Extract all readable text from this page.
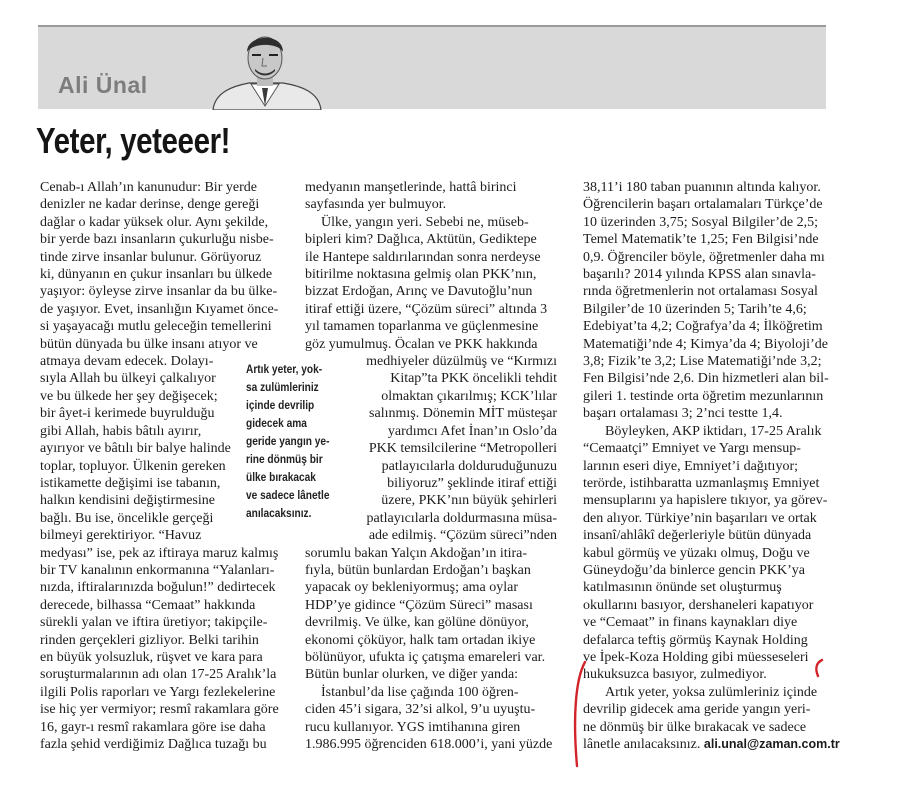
Ali Ünal
Yeter, yeteeer!

Cenab-ı Allah’ın kanunudur: Bir yerde

denizler ne kadar derinse, denge gereği

dağlar o kadar yüksek olur. Aynı şekilde,

bir yerde bazı insanların çukurluğu nisbe-

tinde zirve insanlar bulunur. Görüyoruz

ki, dünyanın en çukur insanları bu ülkede

yaşıyor: öyleyse zirve insanlar da bu ülke-

de yaşıyor. Evet, insanlığın Kıyamet önce-

si yaşayacağı mutlu geleceğin temellerini

bütün dünyada bu ülke insanı atıyor ve

atmaya devam edecek. Dolayı-

sıyla Allah bu ülkeyi çalkalıyor

ve bu ülkede her şey değişecek;

bir âyet-i kerimede buyrulduğu

gibi Allah, habis bâtılı ayırır,

ayırıyor ve bâtılı bir balye halinde

toplar, topluyor. Ülkenin gereken

istikamette değişimi ise tabanın,

halkın kendisini değiştirmesine

bağlı. Bu ise, öncelikle gerçeği

bilmeyi gerektiriyor. “Havuz

medyası” ise, pek az iftiraya maruz kalmış

bir TV kanalının enkormanına “Yalanları-

nızda, iftiralarınızda boğulun!” dedirtecek

derecede, bilhassa “Cemaat” hakkında

sürekli yalan ve iftira üretiyor; takipçile-

rinden gerçekleri gizliyor. Belki tarihin

en büyük yolsuzluk, rüşvet ve kara para

soruşturmalarının adı olan 17-25 Aralık’la

ilgili Polis raporları ve Yargı fezlekelerine

ise hiç yer vermiyor; resmî rakamlara göre

16, gayr-ı resmî rakamlara göre ise daha

fazla şehid verdiğimiz Dağlıca tuzağı bu

medyanın manşetlerinde, hattâ birinci

sayfasında yer bulmuyor.

Ülke, yangın yeri. Sebebi ne, müseb-

bipleri kim? Dağlıca, Aktütün, Gediktepe

ile Hantepe saldırılarından sonra nerdeyse

bitirilme noktasına gelmiş olan PKK’nın,

bizzat Erdoğan, Arınç ve Davutoğlu’nun

itiraf ettiği üzere, “Çözüm süreci” altında 3

yıl tamamen toparlanma ve güçlenmesine

göz yumulmuş. Öcalan ve PKK hakkında

medhiyeler düzülmüş ve “Kırmızı

Kitap”ta PKK öncelikli tehdit

olmaktan çıkarılmış; KCK’lılar

salınmış. Dönemin MİT müsteşar

yardımcı Afet İnan’ın Oslo’da

PKK temsilcilerine “Metropolleri

patlayıcılarla dolduruduğunuzu

biliyoruz” şeklinde itiraf ettiği

üzere, PKK’nın büyük şehirleri

patlayıcılarla doldurmasına müsa-

ade edilmiş. “Çözüm süreci”nden

sorumlu bakan Yalçın Akdoğan’ın itira-

fıyla, bütün bunlardan Erdoğan’ı başkan

yapacak oy bekleniyormuş; ama oylar

HDP’ye gidince “Çözüm Süreci” masası

devrilmiş. Ve ülke, kan gölüne dönüyor,

ekonomi çöküyor, halk tam ortadan ikiye

bölünüyor, ufukta iç çatışma emareleri var.

Bütün bunlar olurken, ve diğer yanda:

İstanbul’da lise çağında 100 öğren-

ciden 45’i sigara, 32’si alkol, 9’u uyuştu-

rucu kullanıyor. YGS imtihanına giren

1.986.995 öğrenciden 618.000’i, yani yüzde

38,11’i 180 taban puanının altında kalıyor.

Öğrencilerin başarı ortalamaları Türkçe’de

10 üzerinden 3,75; Sosyal Bilgiler’de 2,5;

Temel Matematik’te 1,25; Fen Bilgisi’nde

0,9. Öğrenciler böyle, öğretmenler daha mı

başarılı? 2014 yılında KPSS alan sınavla-

rında öğretmenlerin not ortalaması Sosyal

Bilgiler’de 10 üzerinden 5; Tarih’te 4,6;

Edebiyat’ta 4,2; Coğrafya’da 4; İlköğretim

Matematiği’nde 4; Kimya’da 4; Biyoloji’de

3,8; Fizik’te 3,2; Lise Matematiği’nde 3,2;

Fen Bilgisi’nde 2,6. Din hizmetleri alan bil-

gileri 1. testinde orta öğretim mezunlarının

başarı ortalaması 3; 2’nci testte 1,4.

Böyleyken, AKP iktidarı, 17-25 Aralık

“Cemaatçi” Emniyet ve Yargı mensup-

larının eseri diye, Emniyet’i dağıtıyor;

terörde, istihbaratta uzmanlaşmış Emniyet

mensuplarını ya hapislere tıkıyor, ya görev-

den alıyor. Türkiye’nin başarıları ve ortak

insanî/ahlâkî değerleriyle bütün dünyada

kabul görmüş ve yüzakı olmuş, Doğu ve

Güneydoğu’da binlerce gencin PKK’ya

katılmasının önünde set oluşturmuş

okullarını basıyor, dershaneleri kapatıyor

ve “Cemaat” in finans kaynakları diye

defalarca teftiş görmüş Kaynak Holding

ve İpek-Koza Holding gibi müesseseleri

hukuksuzca basıyor, zulmediyor.

Artık yeter, yoksa zulümleriniz içinde

devrilip gidecek ama geride yangın yeri-

ne dönmüş bir ülke bırakacak ve sadece

lânetle anılacaksınız. ali.unal@zaman.com.tr

Artık yeter, yok-

sa zulümleriniz

içinde devrilip

gidecek ama

geride yangın ye-

rine dönmüş bir

ülke bırakacak

ve sadece lânetle

anılacaksınız.
